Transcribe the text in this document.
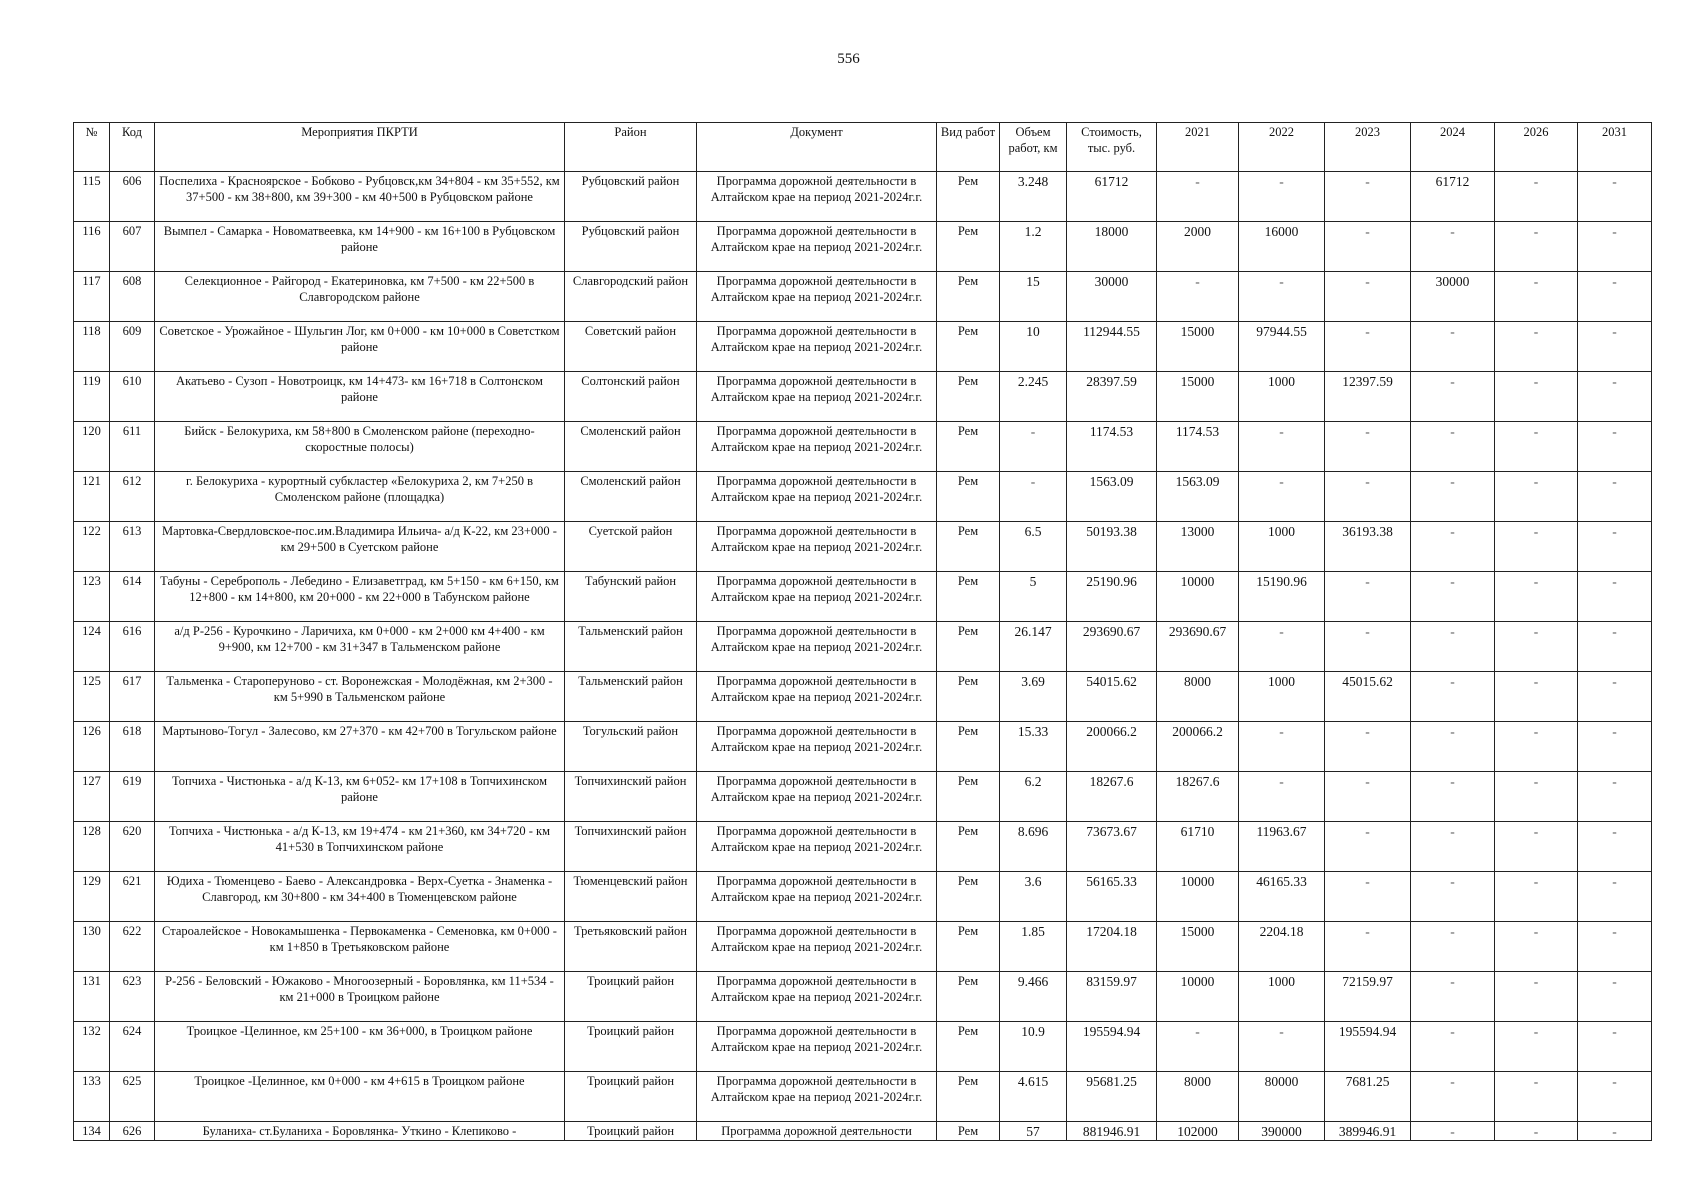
556
№	Код	Мероприятия ПКРТИ	Район	Документ	Вид работ	Объем работ, км	Стоимость, тыс. руб.	2021	2022	2023	2024	2026	2031
115	606	Поспелиха - Красноярское - Бобково - Рубцовск,км 34+804 - км 35+552, км 37+500 - км 38+800, км 39+300 - км 40+500 в Рубцовском районе	Рубцовский район	Программа дорожной деятельности в Алтайском крае на период 2021-2024г.г.	Рем	3.248	61712	-	-	-	61712	-	-
116	607	Вымпел - Самарка - Новоматвеевка, км 14+900 - км 16+100 в Рубцовском районе	Рубцовский район	Программа дорожной деятельности в Алтайском крае на период 2021-2024г.г.	Рем	1.2	18000	2000	16000	-	-	-	-
117	608	Селекционное - Райгород - Екатериновка, км 7+500 - км 22+500 в Славгородском районе	Славгородский район	Программа дорожной деятельности в Алтайском крае на период 2021-2024г.г.	Рем	15	30000	-	-	-	30000	-	-
118	609	Советское - Урожайное - Шульгин Лог, км 0+000 - км 10+000 в Советстком районе	Советский район	Программа дорожной деятельности в Алтайском крае на период 2021-2024г.г.	Рем	10	112944.55	15000	97944.55	-	-	-	-
119	610	Акатьево - Сузоп - Новотроицк, км 14+473- км 16+718 в Солтонском районе	Солтонский район	Программа дорожной деятельности в Алтайском крае на период 2021-2024г.г.	Рем	2.245	28397.59	15000	1000	12397.59	-	-	-
120	611	Бийск - Белокуриха, км 58+800 в Смоленском районе (переходно-скоростные полосы)	Смоленский район	Программа дорожной деятельности в Алтайском крае на период 2021-2024г.г.	Рем	-	1174.53	1174.53	-	-	-	-	-
121	612	г. Белокуриха - курортный субкластер «Белокуриха 2, км 7+250 в Смоленском районе (площадка)	Смоленский район	Программа дорожной деятельности в Алтайском крае на период 2021-2024г.г.	Рем	-	1563.09	1563.09	-	-	-	-	-
122	613	Мартовка-Свердловское-пос.им.Владимира Ильича- а/д К-22, км 23+000 - км 29+500 в Суетском районе	Суетской район	Программа дорожной деятельности в Алтайском крае на период 2021-2024г.г.	Рем	6.5	50193.38	13000	1000	36193.38	-	-	-
123	614	Табуны - Сереброполь - Лебедино - Елизаветград, км 5+150 - км 6+150, км 12+800 - км 14+800, км 20+000 - км 22+000 в Табунском районе	Табунский район	Программа дорожной деятельности в Алтайском крае на период 2021-2024г.г.	Рем	5	25190.96	10000	15190.96	-	-	-	-
124	616	а/д Р-256 - Курочкино - Ларичиха, км 0+000 - км 2+000 км 4+400 - км 9+900, км 12+700 - км 31+347 в Тальменском районе	Тальменский район	Программа дорожной деятельности в Алтайском крае на период 2021-2024г.г.	Рем	26.147	293690.67	293690.67	-	-	-	-	-
125	617	Тальменка - Староперуново - ст. Воронежская - Молодёжная, км 2+300 - км 5+990 в Тальменском районе	Тальменский район	Программа дорожной деятельности в Алтайском крае на период 2021-2024г.г.	Рем	3.69	54015.62	8000	1000	45015.62	-	-	-
126	618	Мартыново-Тогул - Залесово, км 27+370 - км 42+700 в Тогульском районе	Тогульский район	Программа дорожной деятельности в Алтайском крае на период 2021-2024г.г.	Рем	15.33	200066.2	200066.2	-	-	-	-	-
127	619	Топчиха - Чистюнька - а/д К-13, км 6+052- км 17+108 в Топчихинском районе	Топчихинский район	Программа дорожной деятельности в Алтайском крае на период 2021-2024г.г.	Рем	6.2	18267.6	18267.6	-	-	-	-	-
128	620	Топчиха - Чистюнька - а/д К-13, км 19+474 - км 21+360, км 34+720 - км 41+530 в Топчихинском районе	Топчихинский район	Программа дорожной деятельности в Алтайском крае на период 2021-2024г.г.	Рем	8.696	73673.67	61710	11963.67	-	-	-	-
129	621	Юдиха - Тюменцево - Баево - Александровка - Верх-Суетка - Знаменка - Славгород, км 30+800 - км 34+400 в Тюменцевском районе	Тюменцевский район	Программа дорожной деятельности в Алтайском крае на период 2021-2024г.г.	Рем	3.6	56165.33	10000	46165.33	-	-	-	-
130	622	Староалейское - Новокамышенка - Первокаменка - Семеновка, км 0+000 - км 1+850 в Третьяковском районе	Третьяковский район	Программа дорожной деятельности в Алтайском крае на период 2021-2024г.г.	Рем	1.85	17204.18	15000	2204.18	-	-	-	-
131	623	Р-256 - Беловский - Южаково - Многоозерный - Боровлянка, км 11+534 - км 21+000 в Троицком районе	Троицкий район	Программа дорожной деятельности в Алтайском крае на период 2021-2024г.г.	Рем	9.466	83159.97	10000	1000	72159.97	-	-	-
132	624	Троицкое -Целинное, км 25+100 - км 36+000, в Троицком районе	Троицкий район	Программа дорожной деятельности в Алтайском крае на период 2021-2024г.г.	Рем	10.9	195594.94	-	-	195594.94	-	-	-
133	625	Троицкое -Целинное, км 0+000 - км 4+615 в Троицком районе	Троицкий район	Программа дорожной деятельности в Алтайском крае на период 2021-2024г.г.	Рем	4.615	95681.25	8000	80000	7681.25	-	-	-
134	626	Буланиха- ст.Буланиха - Боровлянка- Уткино - Клепиково -	Троицкий район	Программа дорожной деятельности	Рем	57	881946.91	102000	390000	389946.91	-	-	-
